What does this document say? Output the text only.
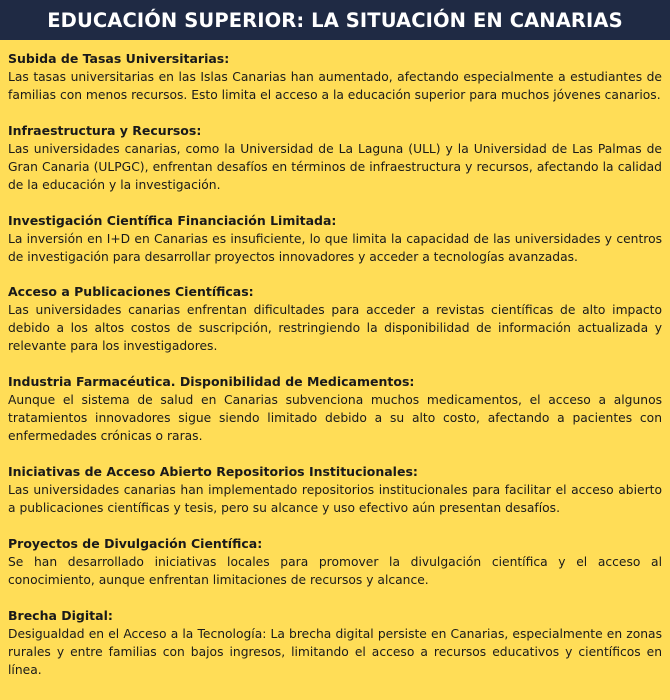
EDUCACIÓN SUPERIOR: LA SITUACIÓN EN CANARIAS
Subida de Tasas Universitarias:

Las tasas universitarias en las Islas Canarias han aumentado, afectando especialmente a estudiantes de familias con menos recursos. Esto limita el acceso a la educación superior para muchos jóvenes canarios.

Infraestructura y Recursos:

Las universidades canarias, como la Universidad de La Laguna (ULL) y la Universidad de Las Palmas de Gran Canaria (ULPGC), enfrentan desafíos en términos de infraestructura y recursos, afectando la calidad de la educación y la investigación.

Investigación Científica Financiación Limitada:

La inversión en I+D en Canarias es insuficiente, lo que limita la capacidad de las universidades y centros de investigación para desarrollar proyectos innovadores y acceder a tecnologías avanzadas.

Acceso a Publicaciones Científicas:

Las universidades canarias enfrentan dificultades para acceder a revistas científicas de alto impacto debido a los altos costos de suscripción, restringiendo la disponibilidad de información actualizada y relevante para los investigadores.

Industria Farmacéutica. Disponibilidad de Medicamentos:

Aunque el sistema de salud en Canarias subvenciona muchos medicamentos, el acceso a algunos tratamientos innovadores sigue siendo limitado debido a su alto costo, afectando a pacientes con enfermedades crónicas o raras.

Iniciativas de Acceso Abierto Repositorios Institucionales:

Las universidades canarias han implementado repositorios institucionales para facilitar el acceso abierto a publicaciones científicas y tesis, pero su alcance y uso efectivo aún presentan desafíos.

Proyectos de Divulgación Científica:

Se han desarrollado iniciativas locales para promover la divulgación científica y el acceso al conocimiento, aunque enfrentan limitaciones de recursos y alcance.

Brecha Digital:

Desigualdad en el Acceso a la Tecnología: La brecha digital persiste en Canarias, especialmente en zonas rurales y entre familias con bajos ingresos, limitando el acceso a recursos educativos y científicos en línea.
